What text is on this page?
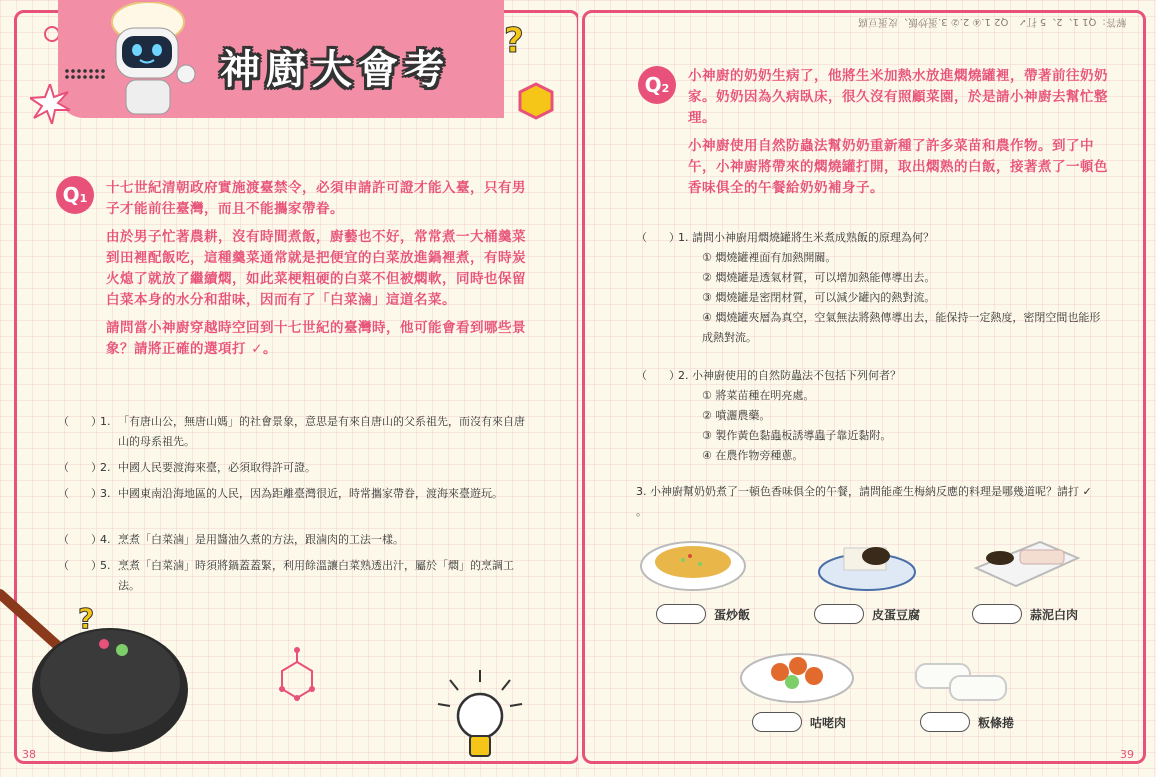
神廚大會考
?
Q1

十七世紀清朝政府實施渡臺禁令，必須申請許可證才能入臺，只有男子才能前往臺灣，而且不能攜家帶眷。

由於男子忙著農耕，沒有時間煮飯，廚藝也不好，常常煮一大桶羹菜到田裡配飯吃，這種羹菜通常就是把便宜的白菜放進鍋裡煮，有時炭火熄了就放了繼續燜，如此菜梗粗硬的白菜不但被燜軟，同時也保留白菜本身的水分和甜味，因而有了「白菜滷」這道名菜。

請問當小神廚穿越時空回到十七世紀的臺灣時，他可能會看到哪些景象？請將正確的選項打 ✓。

（　　）
1. 「有唐山公，無唐山媽」的社會景象，意思是有來自唐山的父系祖先，而沒有來自唐山的母系祖先。
（　　）
2. 中國人民要渡海來臺，必須取得許可證。
（　　）
3. 中國東南沿海地區的人民，因為距離臺灣很近，時常攜家帶眷，渡海來臺遊玩。
（　　）
4. 烹煮「白菜滷」是用醬油久煮的方法，跟滷肉的工法一樣。
（　　）
5. 烹煮「白菜滷」時須將鍋蓋蓋緊，利用餘溫讓白菜熟透出汁，屬於「燜」的烹調工法。
?
38
解答：Q1 1、2、5 打✓　Q2 1.④ 2.② 3.蛋炒飯、皮蛋豆腐
Q2

小神廚的奶奶生病了，他將生米加熱水放進燜燒罐裡，帶著前往奶奶家。奶奶因為久病臥床，很久沒有照顧菜園，於是請小神廚去幫忙整理。

小神廚使用自然防蟲法幫奶奶重新種了許多菜苗和農作物。到了中午，小神廚將帶來的燜燒罐打開，取出燜熟的白飯，接著煮了一頓色香味俱全的午餐給奶奶補身子。

（　　）
1. 請問小神廚用燜燒罐將生米煮成熟飯的原理為何？

① 燜燒罐裡面有加熱開關。

② 燜燒罐是透氣材質，可以增加熱能傳導出去。

③ 燜燒罐是密閉材質，可以減少罐內的熱對流。

④ 燜燒罐夾層為真空，空氣無法將熱傳導出去，能保持一定熱度，密閉空間也能形成熱對流。

（　　）
2. 小神廚使用的自然防蟲法不包括下列何者？

① 將菜苗種在明亮處。

② 噴灑農藥。

③ 製作黃色黏蟲板誘導蟲子靠近黏附。

④ 在農作物旁種蔥。

3. 小神廚幫奶奶煮了一頓色香味俱全的午餐，請問能產生梅納反應的料理是哪幾道呢？請打 ✓ 。
蛋炒飯	皮蛋豆腐	蒜泥白肉
咕咾肉	粄條捲
39
